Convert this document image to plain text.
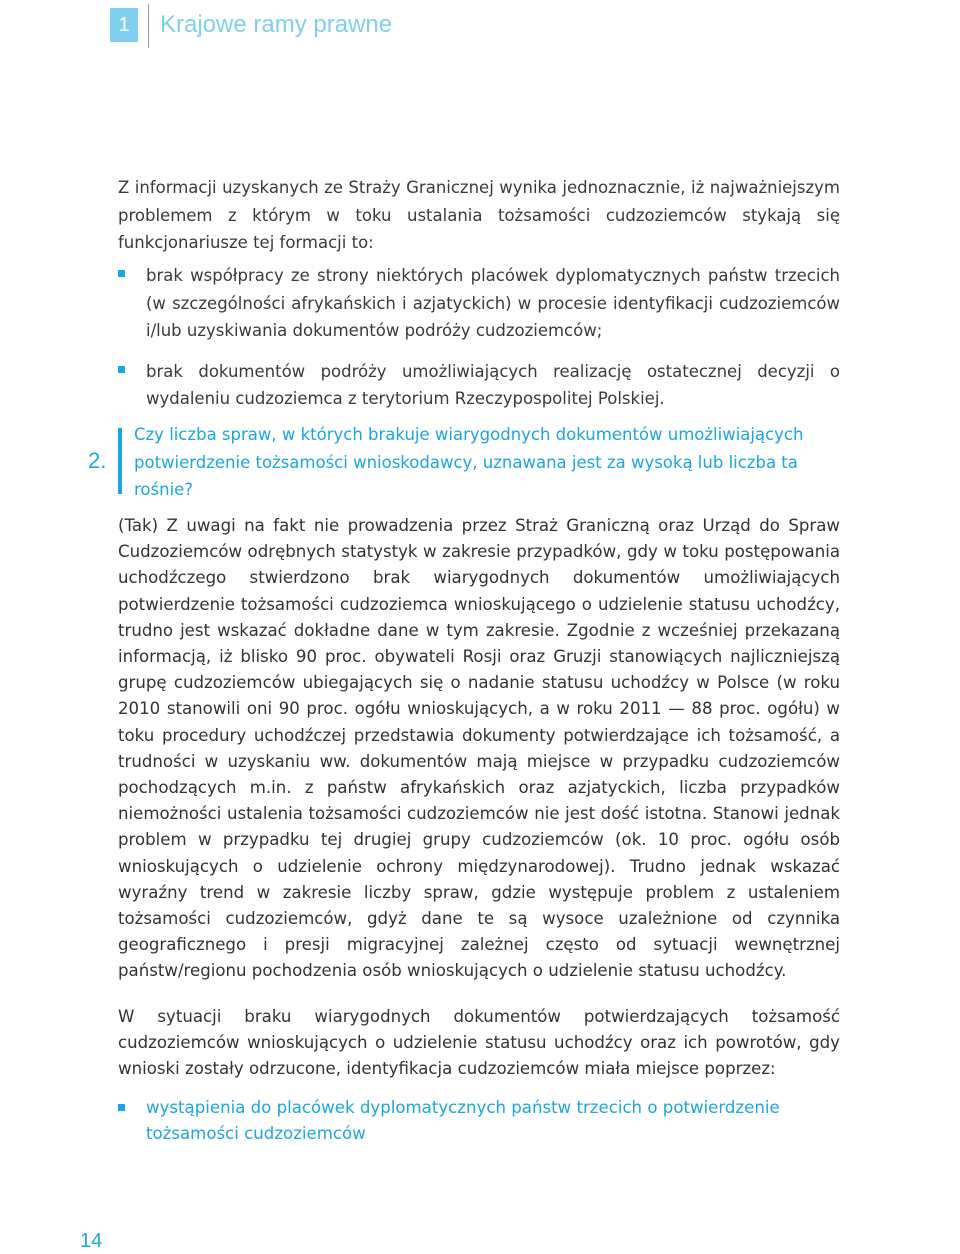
1	Krajowe ramy prawne
Z informacji uzyskanych ze Straży Granicznej wynika jednoznacznie, iż najważniejszym problemem z którym w toku ustalania tożsamości cudzoziemców stykają się funkcjonariusze tej formacji to:
brak współpracy ze strony niektórych placówek dyplomatycznych państw trzecich (w szczególności afrykańskich i azjatyckich) w procesie identyfikacji cudzoziemców i/lub uzyskiwania dokumentów podróży cudzoziemców;
brak dokumentów podróży umożliwiających realizację ostatecznej decyzji o wydaleniu cudzoziemca z terytorium Rzeczypospolitej Polskiej.
2.
Czy liczba spraw, w których brakuje wiarygodnych dokumentów umożliwiających potwierdzenie tożsamości wnioskodawcy, uznawana jest za wysoką lub liczba ta rośnie?
(Tak) Z uwagi na fakt nie prowadzenia przez Straż Graniczną oraz Urząd do Spraw Cudzoziemców odrębnych statystyk w zakresie przypadków, gdy w toku postępowania uchodźczego stwierdzono brak wiarygodnych dokumentów umożliwiających potwierdzenie tożsamości cudzoziemca wnioskującego o udzielenie statusu uchodźcy, trudno jest wskazać dokładne dane w tym zakresie. Zgodnie z wcześniej przekazaną informacją, iż blisko 90 proc. obywateli Rosji oraz Gruzji stanowiących najliczniejszą grupę cudzoziemców ubiegających się o nadanie statusu uchodźcy w Polsce (w roku 2010 stanowili oni 90 proc. ogółu wnioskujących, a w roku 2011 — 88 proc. ogółu) w toku procedury uchodźczej przedstawia dokumenty potwierdzające ich tożsamość, a trudności w uzyskaniu ww. dokumentów mają miejsce w przypadku cudzoziemców pochodzących m.in. z państw afrykańskich oraz azjatyckich, liczba przypadków niemożności ustalenia tożsamości cudzoziemców nie jest dość istotna. Stanowi jednak problem w przypadku tej drugiej grupy cudzoziemców (ok. 10 proc. ogółu osób wnioskujących o udzielenie ochrony międzynarodowej). Trudno jednak wskazać wyraźny trend w zakresie liczby spraw, gdzie występuje problem z ustaleniem tożsamości cudzoziemców, gdyż dane te są wysoce uzależnione od czynnika geograficznego i presji migracyjnej zależnej często od sytuacji wewnętrznej państw/regionu pochodzenia osób wnioskujących o udzielenie statusu uchodźcy.
W sytuacji braku wiarygodnych dokumentów potwierdzających tożsamość cudzoziemców wnioskujących o udzielenie statusu uchodźcy oraz ich powrotów, gdy wnioski zostały odrzucone, identyfikacja cudzoziemców miała miejsce poprzez:
wystąpienia do placówek dyplomatycznych państw trzecich o potwierdzenie tożsamości cudzoziemców
14
